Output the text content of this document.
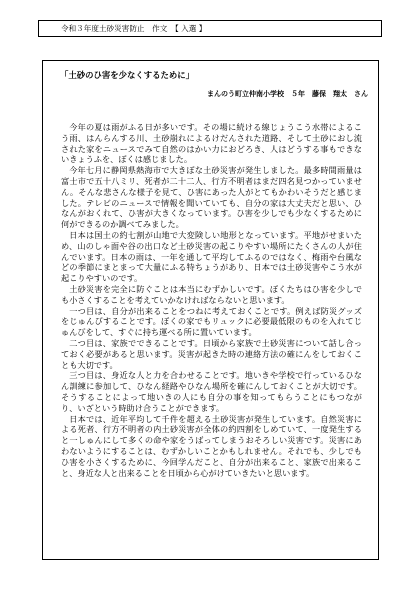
令和３年度土砂災害防止　作文　【 入選 】
「土砂のひ害を少なくするために」
まんのう町立仲南小学校　５年　藤保　翔太　さん

今年の夏は雨がふる日が多いです。その場に続ける線じょうこう水帯によるこう雨、はんらんする川、土砂崩れによるけだんされた道路、そして土砂におし流された家をニュースでみて自然のはかい力におどろき、人はどうする事もできないきょうふを、ぼくは感じました。

今年七月に静岡県熱海市で大きぼな土砂災害が発生しました。最多時間雨量は富士市で五十八ミリ、死者が二十二人、行方不明者はまだ四名見つかっていません。そんな悲さんな様子を見て、ひ害にあった人がとてもかわいそうだと感じました。テレビのニュースで情報を聞いていても、自分の家は大丈夫だと思い、ひなんがおくれて、ひ害が大きくなっています。ひ害を少しでも少なくするために何ができるのか調べてみました。

日本は国土の約七割が山地で大変険しい地形となっています。平地がせまいため、山のしゃ面や谷の出口など土砂災害の起こりやすい場所にたくさんの人が住んでいます。日本の雨は、一年を通して平均してふるのではなく、梅雨や台風などの季節にまとまって大量にふる特ちょうがあり、日本では土砂災害やこう水が起こりやすいのです。

土砂災害を完全に防ぐことは本当にむずかしいです。ぼくたちはひ害を少しでも小さくすることを考えていかなければならないと思います。

一つ目は、自分が出来ることをつねに考えておくことです。例えば防災グッズをじゅんびすることです。ぼくの家でもリュックに必要最低限のものを入れてじゅんびをして、すぐに持ち運べる所に置いています。

二つ目は、家族でできることです。日頃から家族で土砂災害について話し合っておく必要があると思います。災害が起きた時の連絡方法の確にんをしておくことも大切です。

三つ目は、身近な人と力を合わせることです。地いきや学校で行っているひなん訓練に参加して、ひなん経路やひなん場所を確にんしておくことが大切です。そうすることによって地いきの人にも自分の事を知ってもらうことにもつながり、いざという時助け合うことができます。

日本では、近年平均して千件を超える土砂災害が発生しています。自然災害による死者、行方不明者の内土砂災害が全体の約四割をしめていて、一度発生すると一しゅんにして多くの命や家をうばってしまうおそろしい災害です。災害にあわないようにすることは、むずかしいことかもしれません。それでも、少しでもひ害を小さくするために、今回学んだこと、自分が出来ること、家族で出来ること、身近な人と出来ることを日頃から心がけていきたいと思います。
